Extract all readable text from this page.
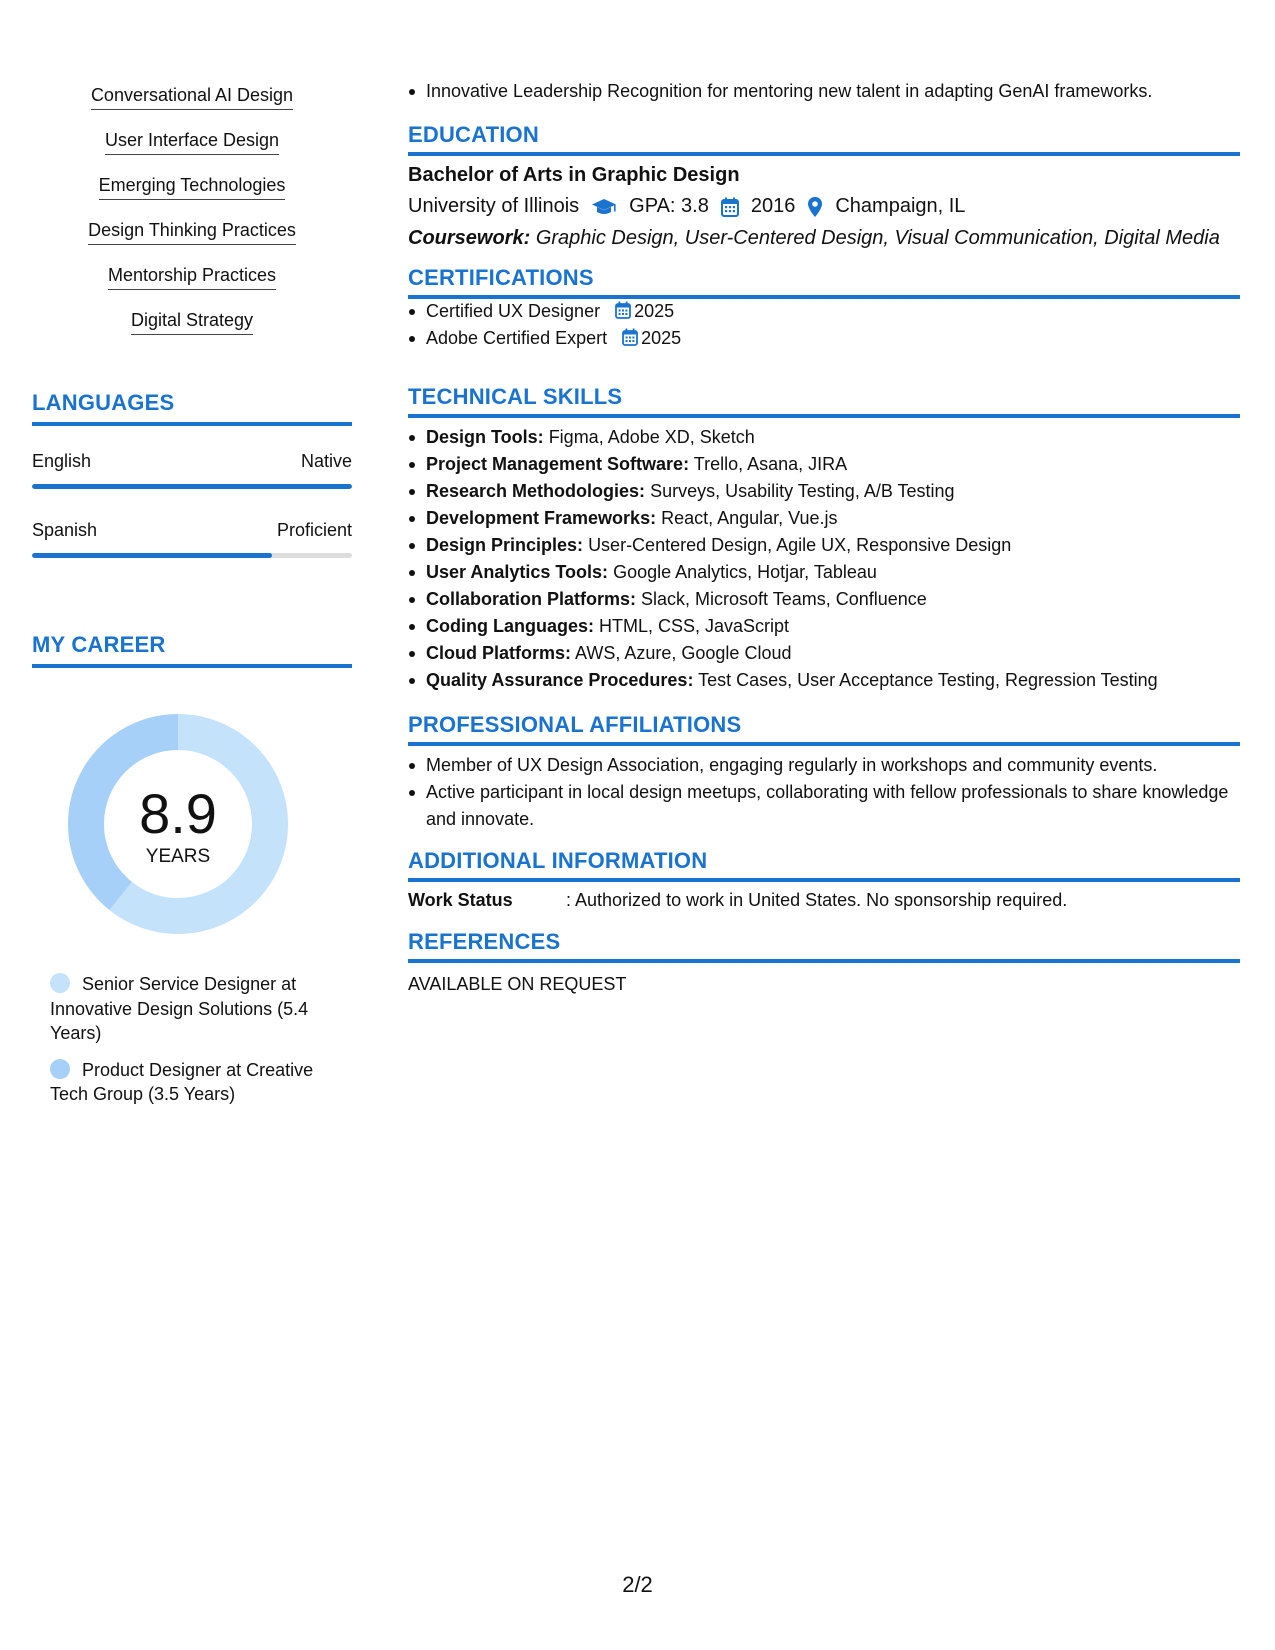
Conversational AI Design
User Interface Design
Emerging Technologies
Design Thinking Practices
Mentorship Practices
Digital Strategy
LANGUAGES
English	Native
Spanish	Proficient
MY CAREER
8.9
YEARS
Senior Service Designer at Innovative Design Solutions (5.4 Years)
Product Designer at Creative Tech Group (3.5 Years)
Innovative Leadership Recognition for mentoring new talent in adapting GenAI frameworks.
EDUCATION
Bachelor of Arts in Graphic Design
University of Illinois	GPA: 3.8 2016 Champaign, IL
Coursework: Graphic Design, User-Centered Design, Visual Communication, Digital Media
CERTIFICATIONS
Certified UX Designer 2025
Adobe Certified Expert 2025
TECHNICAL SKILLS
Design Tools: Figma, Adobe XD, Sketch
Project Management Software: Trello, Asana, JIRA
Research Methodologies: Surveys, Usability Testing, A/B Testing
Development Frameworks: React, Angular, Vue.js
Design Principles: User-Centered Design, Agile UX, Responsive Design
User Analytics Tools: Google Analytics, Hotjar, Tableau
Collaboration Platforms: Slack, Microsoft Teams, Confluence
Coding Languages: HTML, CSS, JavaScript
Cloud Platforms: AWS, Azure, Google Cloud
Quality Assurance Procedures: Test Cases, User Acceptance Testing, Regression Testing
PROFESSIONAL AFFILIATIONS
Member of UX Design Association, engaging regularly in workshops and community events.
Active participant in local design meetups, collaborating with fellow professionals to share knowledge and innovate.
ADDITIONAL INFORMATION
Work Status	: Authorized to work in United States. No sponsorship required.
REFERENCES
AVAILABLE ON REQUEST
2/2
